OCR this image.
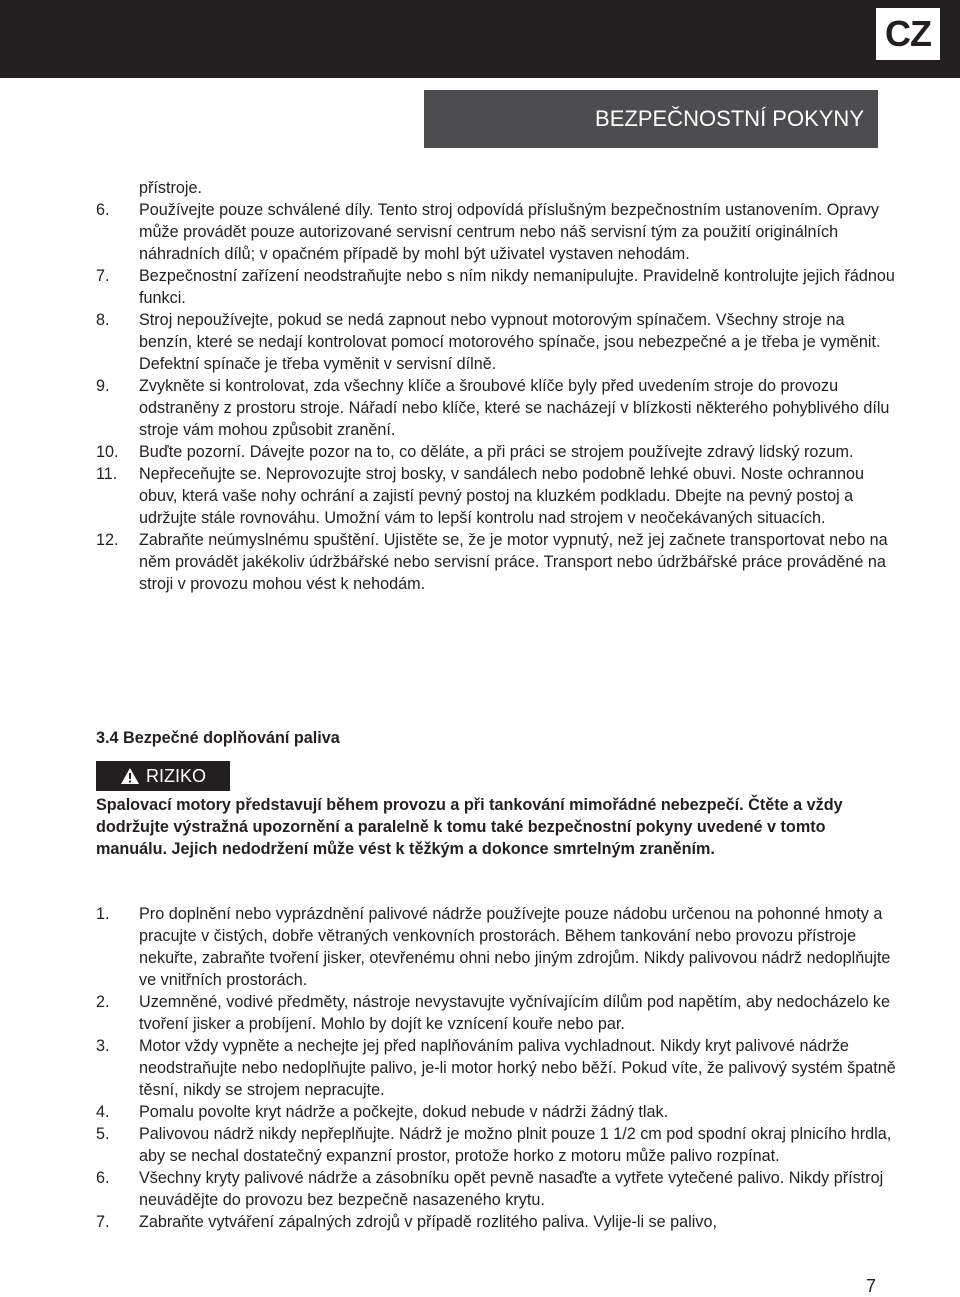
CZ
BEZPEČNOSTNÍ POKYNY
přístroje.
6.	Používejte pouze schválené díly. Tento stroj odpovídá příslušným bezpečnostním ustanovením. Opravy může provádět pouze autorizované servisní centrum nebo náš servisní tým za použití originálních náhradních dílů; v opačném případě by mohl být uživatel vystaven nehodám.
7.	Bezpečnostní zařízení neodstraňujte nebo s ním nikdy nemanipulujte. Pravidelně kontrolujte jejich řádnou funkci.
8.	Stroj nepoužívejte, pokud se nedá zapnout nebo vypnout motorovým spínačem. Všechny stroje na benzín, které se nedají kontrolovat pomocí motorového spínače, jsou nebezpečné a je třeba je vyměnit. Defektní spínače je třeba vyměnit v servisní dílně.
9.	Zvykněte si kontrolovat, zda všechny klíče a šroubové klíče byly před uvedením stroje do provozu odstraněny z prostoru stroje. Nářadí nebo klíče, které se nacházejí v blízkosti některého pohyblivého dílu stroje vám mohou způsobit zranění.
10.	Buďte pozorní. Dávejte pozor na to, co děláte, a při práci se strojem používejte zdravý lidský rozum.
11.	Nepřeceňujte se. Neprovozujte stroj bosky, v sandálech nebo podobně lehké obuvi. Noste ochrannou obuv, která vaše nohy ochrání a zajistí pevný postoj na kluzkém podkladu. Dbejte na pevný postoj a udržujte stále rovnováhu. Umožní vám to lepší kontrolu nad strojem v neočekávaných situacích.
12.	Zabraňte neúmyslnému spuštění. Ujistěte se, že je motor vypnutý, než jej začnete transportovat nebo na něm provádět jakékoliv údržbářské nebo servisní práce. Transport nebo údržbářské práce prováděné na stroji v provozu mohou vést k nehodám.
3.4 Bezpečné doplňování paliva
RIZIKO
Spalovací motory představují během provozu a při tankování mimořádné nebezpečí. Čtěte a vždy dodržujte výstražná upozornění a paralelně k tomu také bezpečnostní pokyny uvedené v tomto manuálu. Jejich nedodržení může vést k těžkým a dokonce smrtelným zraněním.
1.	Pro doplnění nebo vyprázdnění palivové nádrže používejte pouze nádobu určenou na pohonné hmoty a pracujte v čistých, dobře větraných venkovních prostorách. Během tankování nebo provozu přístroje nekuřte, zabraňte tvoření jisker, otevřenému ohni nebo jiným zdrojům. Nikdy palivovou nádrž nedoplňujte ve vnitřních prostorách.
2.	Uzemněné, vodivé předměty, nástroje nevystavujte vyčnívajícím dílům pod napětím, aby nedocházelo ke tvoření jisker a probíjení. Mohlo by dojít ke vznícení kouře nebo par.
3.	Motor vždy vypněte a nechejte jej před naplňováním paliva vychladnout. Nikdy kryt palivové nádrže neodstraňujte nebo nedoplňujte palivo, je-li motor horký nebo běží. Pokud víte, že palivový systém špatně těsní, nikdy se strojem nepracujte.
4.	Pomalu povolte kryt nádrže a počkejte, dokud nebude v nádrži žádný tlak.
5.	Palivovou nádrž nikdy nepřeplňujte. Nádrž je možno plnit pouze 1 1/2 cm pod spodní okraj plnicího hrdla, aby se nechal dostatečný expanzní prostor, protože horko z motoru může palivo rozpínat.
6.	Všechny kryty palivové nádrže a zásobníku opět pevně nasaďte a vytřete vytečené palivo. Nikdy přístroj neuvádějte do provozu bez bezpečně nasazeného krytu.
7.	Zabraňte vytváření zápalných zdrojů v případě rozlitého paliva. Vylije-li se palivo,
7
